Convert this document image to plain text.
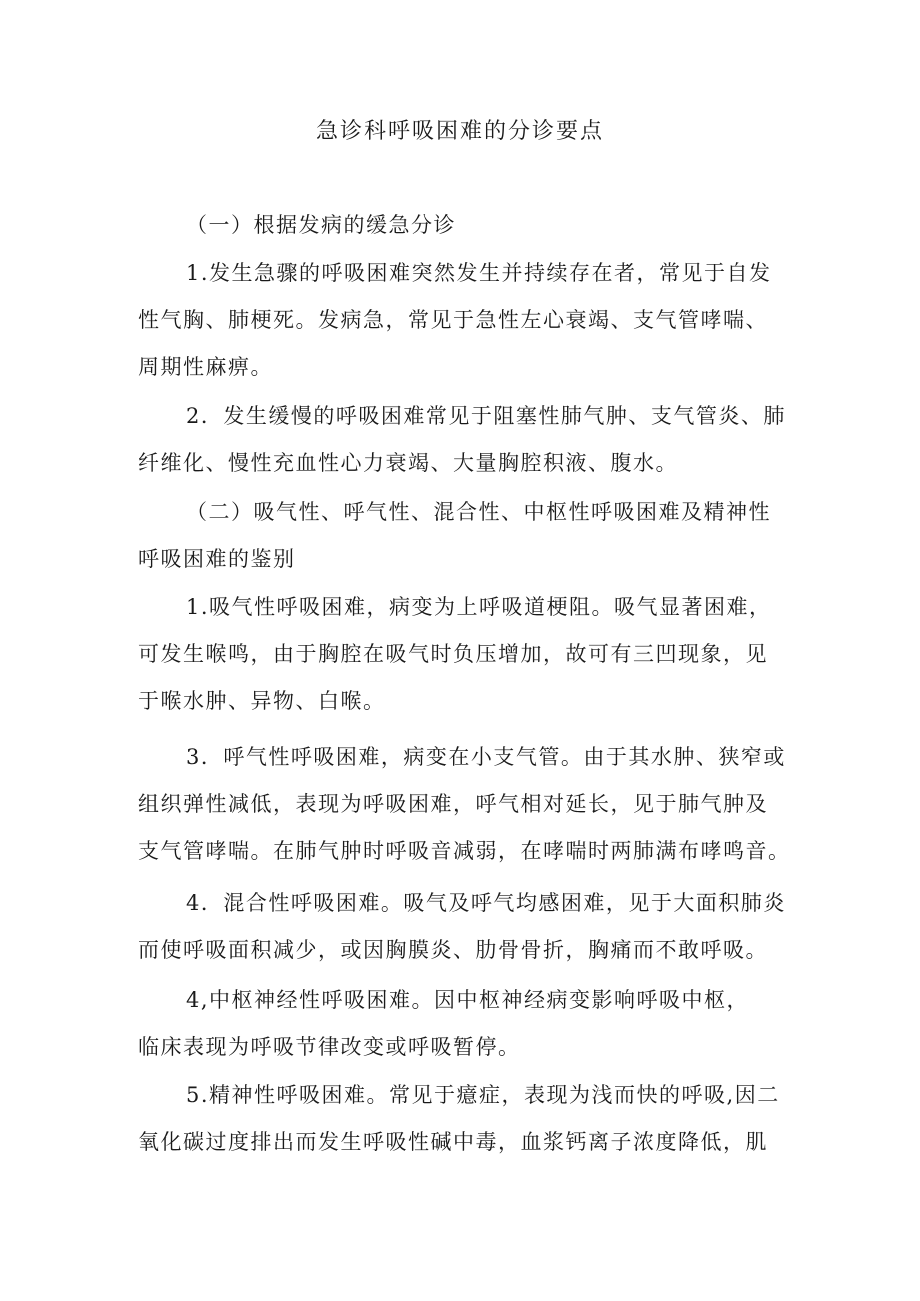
急诊科呼吸困难的分诊要点
（一）根据发病的缓急分诊
1.发生急骤的呼吸困难突然发生并持续存在者，常见于自发
性气胸、肺梗死。发病急，常见于急性左心衰竭、支气管哮喘、
周期性麻痹。
2．发生缓慢的呼吸困难常见于阻塞性肺气肿、支气管炎、肺
纤维化、慢性充血性心力衰竭、大量胸腔积液、腹水。
（二）吸气性、呼气性、混合性、中枢性呼吸困难及精神性
呼吸困难的鉴别
1.吸气性呼吸困难，病变为上呼吸道梗阻。吸气显著困难，
可发生喉鸣，由于胸腔在吸气时负压增加，故可有三凹现象，见
于喉水肿、异物、白喉。
3．呼气性呼吸困难，病变在小支气管。由于其水肿、狭窄或
组织弹性减低，表现为呼吸困难，呼气相对延长，见于肺气肿及
支气管哮喘。在肺气肿时呼吸音减弱，在哮喘时两肺满布哮鸣音。
4．混合性呼吸困难。吸气及呼气均感困难，见于大面积肺炎
而使呼吸面积减少，或因胸膜炎、肋骨骨折，胸痛而不敢呼吸。
4,中枢神经性呼吸困难。因中枢神经病变影响呼吸中枢，
临床表现为呼吸节律改变或呼吸暂停。
5.精神性呼吸困难。常见于癔症，表现为浅而快的呼吸,因二
氧化碳过度排出而发生呼吸性碱中毒，血浆钙离子浓度降低，肌
